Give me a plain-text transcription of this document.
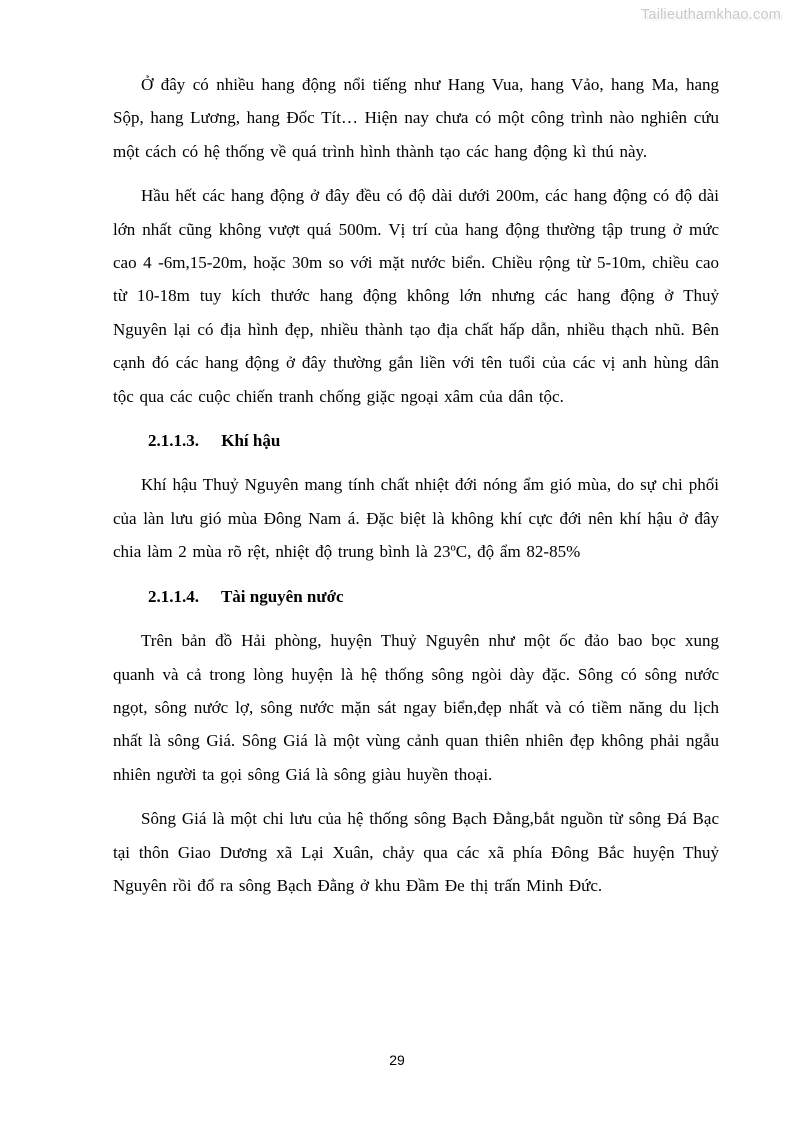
Tailieuthamkhao.com

Ở đây có nhiều hang động nổi tiếng như Hang Vua, hang Vảo, hang Ma, hang Sộp, hang Lương, hang Đốc Tít… Hiện nay chưa có một công trình nào nghiên cứu một cách có hệ thống về quá trình hình thành tạo các hang động kì thú này.

Hầu hết các hang động ở đây đều có độ dài dưới 200m, các hang động có độ dài lớn nhất cũng không vượt quá 500m. Vị trí của hang động thường tập trung ở mức cao 4 -6m,15-20m, hoặc 30m so với mặt nước biển. Chiều rộng từ 5-10m, chiều cao từ 10-18m tuy kích thước hang động không lớn nhưng các hang động ở Thuỷ Nguyên lại có địa hình đẹp, nhiều thành tạo địa chất hấp dẫn, nhiều thạch nhũ. Bên cạnh đó các hang động ở đây thường gắn liền với tên tuổi của các vị anh hùng dân tộc qua các cuộc chiến tranh chống giặc ngoại xâm của dân tộc.

2.1.1.3. Khí hậu

Khí hậu Thuỷ Nguyên mang tính chất nhiệt đới nóng ẩm gió mùa, do sự chi phối của làn lưu gió mùa Đông Nam á. Đặc biệt là không khí cực đới nên khí hậu ở đây chia làm 2 mùa rõ rệt, nhiệt độ trung bình là 23ºC, độ ẩm 82-85%

2.1.1.4. Tài nguyên nước

Trên bản đồ Hải phòng, huyện Thuỷ Nguyên như một ốc đảo bao bọc xung quanh và cả trong lòng huyện là hệ thống sông ngòi dày đặc. Sông có sông nước ngọt, sông nước lợ, sông nước mặn sát ngay biển,đẹp nhất và có tiềm năng du lịch nhất là sông Giá. Sông Giá là một vùng cảnh quan thiên nhiên đẹp không phải ngẫu nhiên người ta gọi sông Giá là sông giàu huyền thoại.

Sông Giá là một chi lưu của hệ thống sông Bạch Đằng,bắt nguồn từ sông Đá Bạc tại thôn Giao Dương xã Lại Xuân, chảy qua các xã phía Đông Bắc huyện Thuỷ Nguyên rồi đổ ra sông Bạch Đằng ở khu Đầm Đe thị trấn Minh Đức.

29
